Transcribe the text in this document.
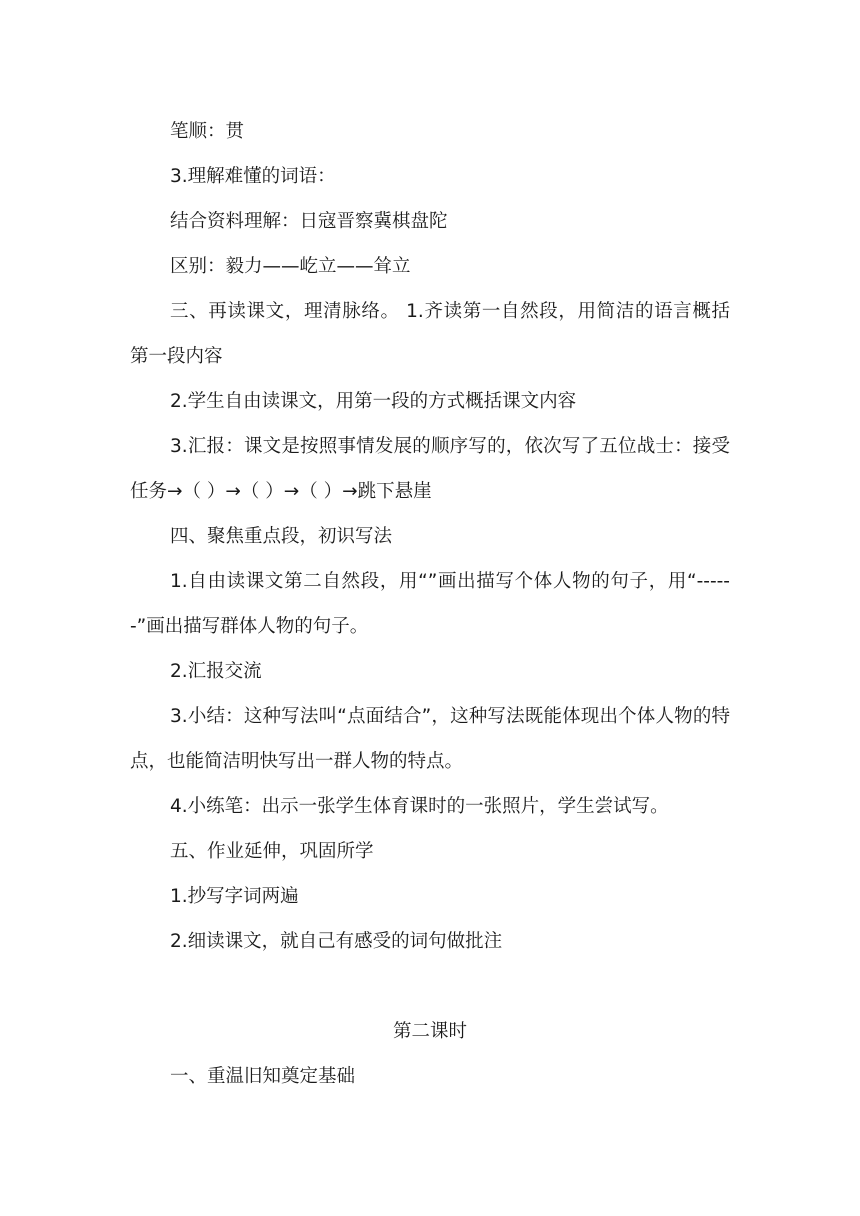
笔顺：贯

3.理解难懂的词语：

结合资料理解：日寇晋察冀棋盘陀

区别：毅力——屹立——耸立

三、再读课文，理清脉络。 1.齐读第一自然段，用简洁的语言概括第一段内容

2.学生自由读课文，用第一段的方式概括课文内容

3.汇报：课文是按照事情发展的顺序写的，依次写了五位战士：接受任务→（ ）→（ ）→（ ）→跳下悬崖

四、聚焦重点段，初识写法

1.自由读课文第二自然段，用“”画出描写个体人物的句子，用“------”画出描写群体人物的句子。

2.汇报交流

3.小结：这种写法叫“点面结合”，这种写法既能体现出个体人物的特点，也能简洁明快写出一群人物的特点。

4.小练笔：出示一张学生体育课时的一张照片，学生尝试写。

五、作业延伸，巩固所学

1.抄写字词两遍

2.细读课文，就自己有感受的词句做批注

第二课时

一、重温旧知奠定基础
